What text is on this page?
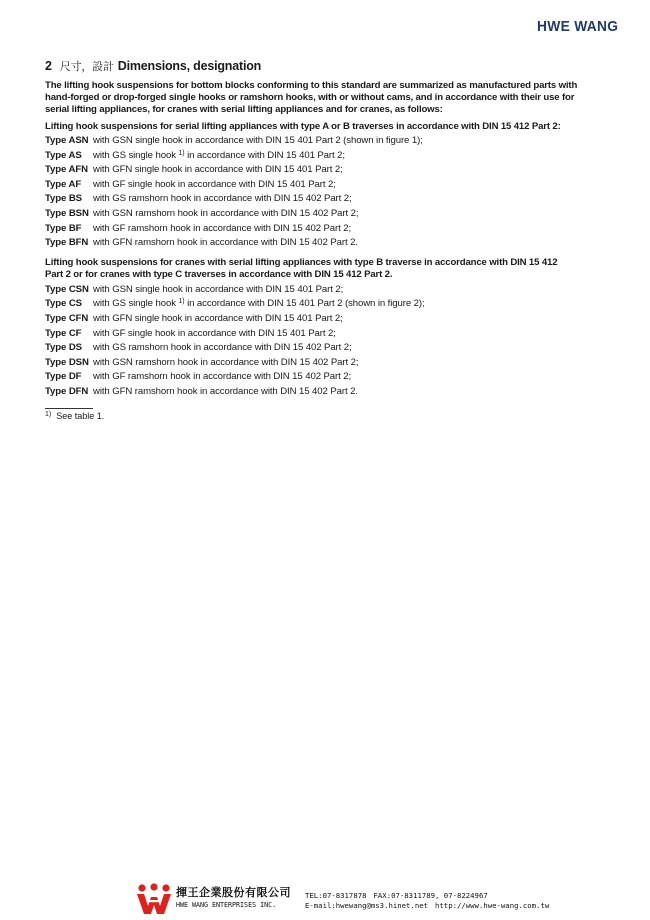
HWE WANG
2 尺寸，設計 Dimensions, designation

The lifting hook suspensions for bottom blocks conforming to this standard are summarized as manufactured parts with
hand-forged or drop-forged single hooks or ramshorn hooks, with or without cams, and in accordance with their use for
serial lifting appliances, for cranes with serial lifting appliances and for cranes, as follows:

Lifting hook suspensions for serial lifting appliances with type A or B traverses in accordance with DIN 15 412 Part 2:
Type ASN with GSN single hook in accordance with DIN 15 401 Part 2 (shown in figure 1);
Type AS	with GS single hook $^{1)}$ in accordance with DIN 15 401 Part 2;
Type AFN with GFN single hook in accordance with DIN 15 401 Part 2;
Type AF	with GF single hook in accordance with DIN 15 401 Part 2;
Type BS	with GS ramshorn hook in accordance with DIN 15 402 Part 2;
Type BSN with GSN ramshorn hook in accordance with DIN 15 402 Part 2;
Type BF	with GF ramshorn hook in accordance with DIN 15 402 Part 2;
Type BFN with GFN ramshorn hook in accordance with DIN 15 402 Part 2.
Lifting hook suspensions for cranes with serial lifting appliances with type B traverse in accordance with DIN 15 412
Part 2 or for cranes with type C traverses in accordance with DIN 15 412 Part 2.
Type CSN with GSN single hook in accordance with DIN 15 401 Part 2;
Type CS	with GS single hook $^{1)}$ in accordance with DIN 15 401 Part 2 (shown in figure 2);
Type CFN with GFN single hook in accordance with DIN 15 401 Part 2;
Type CF	with GF single hook in accordance with DIN 15 401 Part 2;
Type DS	with GS ramshorn hook in accordance with DIN 15 402 Part 2;
Type DSN with GSN ramshorn hook in accordance with DIN 15 402 Part 2;
Type DF	with GF ramshorn hook in accordance with DIN 15 402 Part 2;
Type DFN with GFN ramshorn hook in accordance with DIN 15 402 Part 2.
$^{1)}$ See table 1.
揮王企業股份有限公司
HWE WANG ENTERPRISES INC.
TEL:07-8317878 FAX:07-8311789, 07-8224967
E-mail:hwewang@ms3.hinet.net http://www.hwe-wang.com.tw
